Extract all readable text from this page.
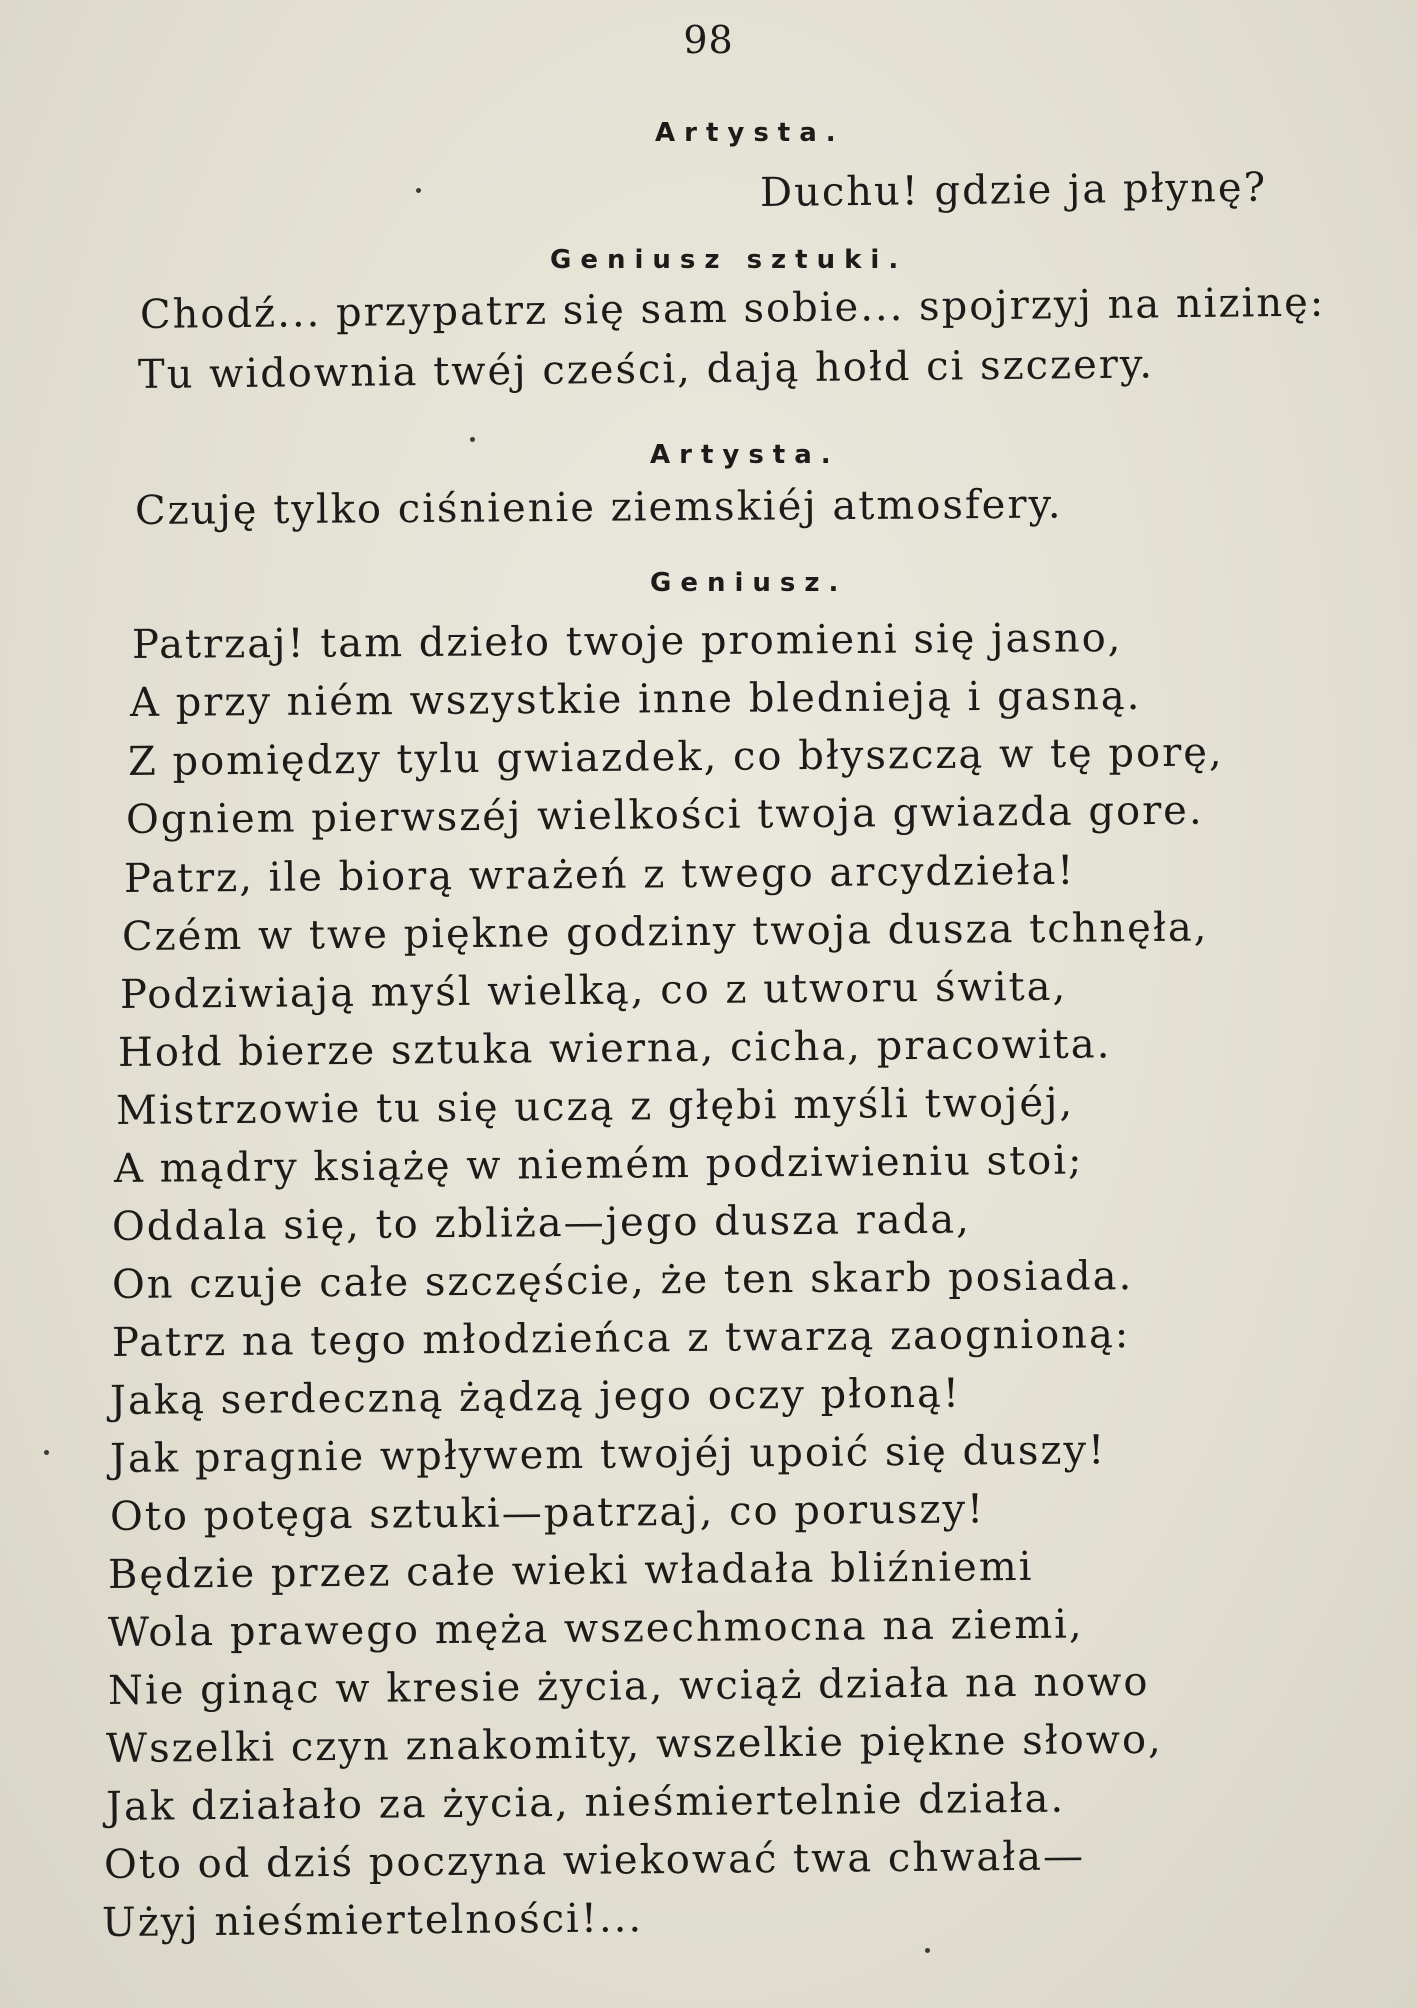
98
Artysta.
Duchu! gdzie ja płynę?
Geniusz sztuki.
Chodź... przypatrz się sam sobie... spojrzyj na nizinę:
Tu widownia twéj cześci, dają hołd ci szczery.
Artysta.
Czuję tylko ciśnienie ziemskiéj atmosfery.
Geniusz.
Patrzaj! tam dzieło twoje promieni się jasno,
A przy niém wszystkie inne blednieją i gasną.
Z pomiędzy tylu gwiazdek, co błyszczą w tę porę,
Ogniem pierwszéj wielkości twoja gwiazda gore.
Patrz, ile biorą wrażeń z twego arcydzieła!
Czém w twe piękne godziny twoja dusza tchnęła,
Podziwiają myśl wielką, co z utworu świta,
Hołd bierze sztuka wierna, cicha, pracowita.
Mistrzowie tu się uczą z głębi myśli twojéj,
A mądry książę w niemém podziwieniu stoi;
Oddala się, to zbliża—jego dusza rada,
On czuje całe szczęście, że ten skarb posiada.
Patrz na tego młodzieńca z twarzą zaognioną:
Jaką serdeczną żądzą jego oczy płoną!
Jak pragnie wpływem twojéj upoić się duszy!
Oto potęga sztuki—patrzaj, co poruszy!
Będzie przez całe wieki władała bliźniemi
Wola prawego męża wszechmocna na ziemi,
Nie ginąc w kresie życia, wciąż działa na nowo
Wszelki czyn znakomity, wszelkie piękne słowo,
Jak działało za życia, nieśmiertelnie działa.
Oto od dziś poczyna wiekować twa chwała—
Użyj nieśmiertelności!...
